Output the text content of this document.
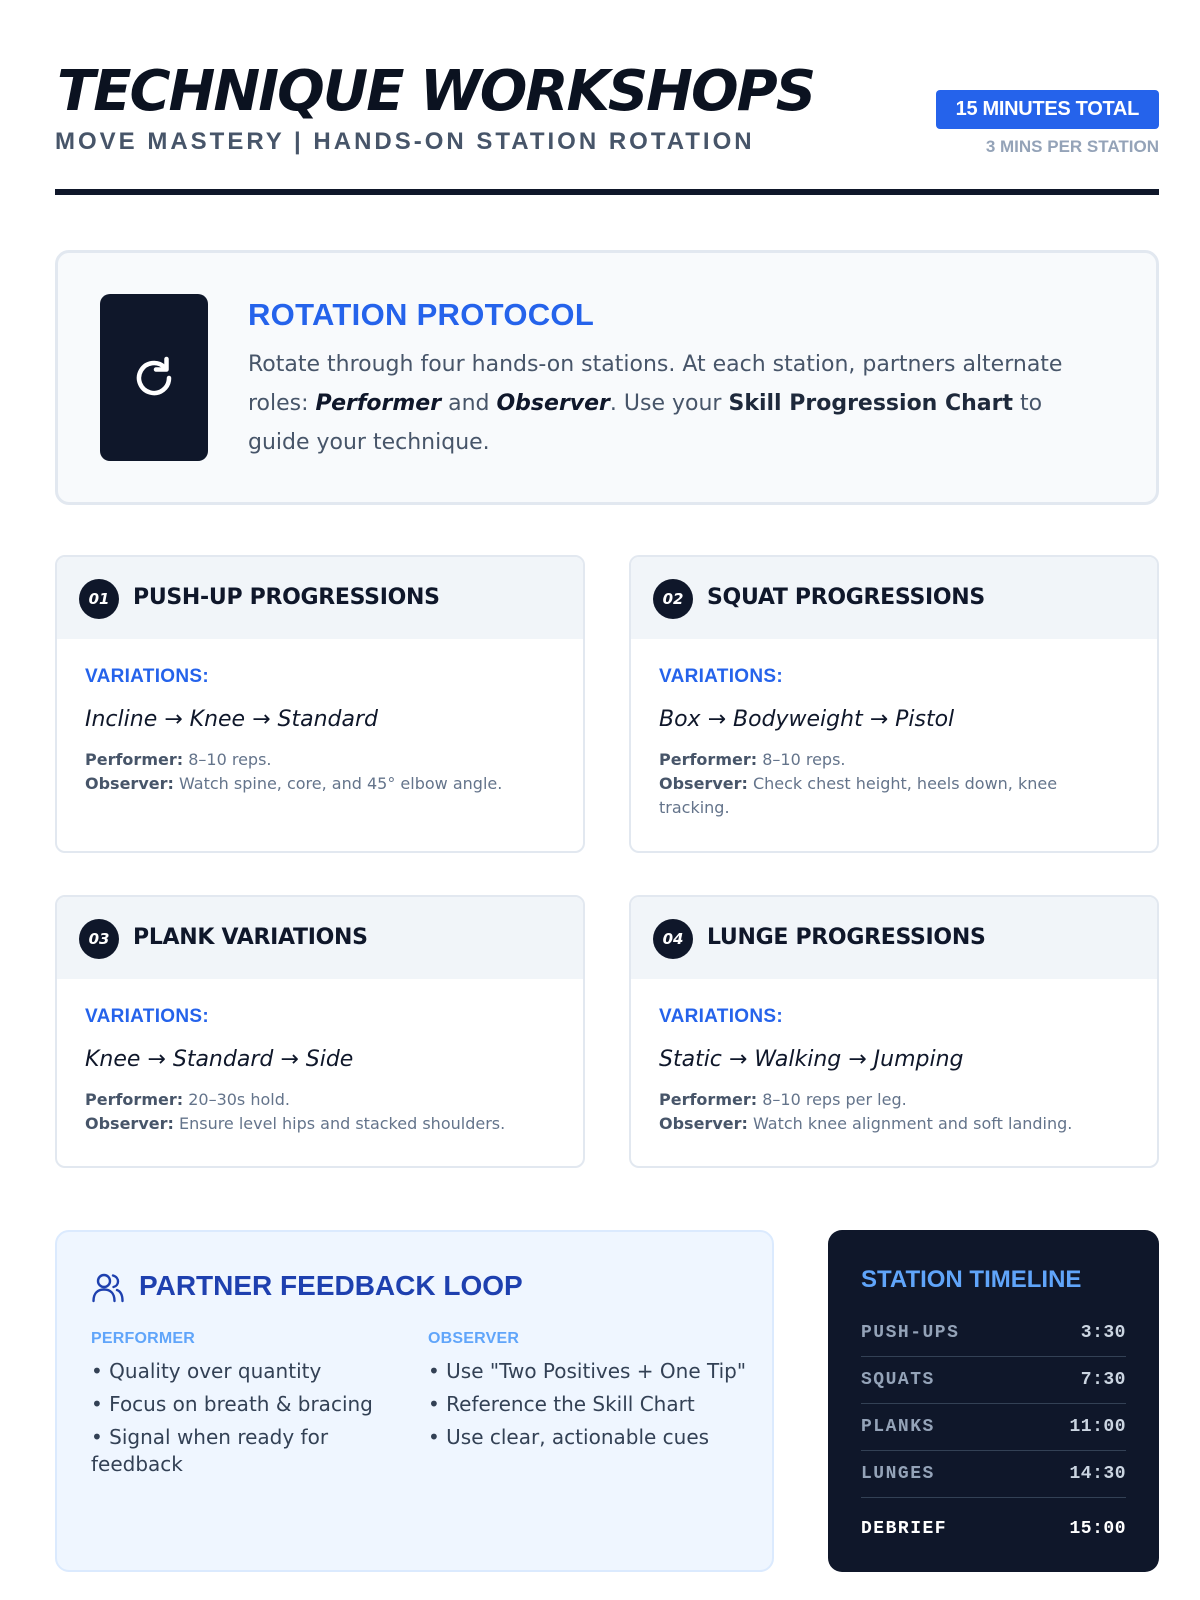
TECHNIQUE WORKSHOPS
MOVE MASTERY | HANDS-ON STATION ROTATION
15 MINUTES TOTAL
3 MINS PER STATION
ROTATION PROTOCOL
Rotate through four hands-on stations. At each station, partners alternate roles: Performer and Observer. Use your Skill Progression Chart to guide your technique.
01	PUSH-UP PROGRESSIONS
VARIATIONS:
Incline → Knee → Standard
Performer: 8–10 reps.
Observer: Watch spine, core, and 45° elbow angle.
02	SQUAT PROGRESSIONS
VARIATIONS:
Box → Bodyweight → Pistol
Performer: 8–10 reps.
Observer: Check chest height, heels down, knee tracking.
03	PLANK VARIATIONS
VARIATIONS:
Knee → Standard → Side
Performer: 20–30s hold.
Observer: Ensure level hips and stacked shoulders.
04	LUNGE PROGRESSIONS
VARIATIONS:
Static → Walking → Jumping
Performer: 8–10 reps per leg.
Observer: Watch knee alignment and soft landing.
PARTNER FEEDBACK LOOP
PERFORMER
• Quality over quantity
• Focus on breath & bracing
• Signal when ready for feedback
OBSERVER
• Use "Two Positives + One Tip"
• Reference the Skill Chart
• Use clear, actionable cues
STATION TIMELINE
PUSH-UPS	3:30
SQUATS	7:30
PLANKS	11:00
LUNGES	14:30
DEBRIEF	15:00
